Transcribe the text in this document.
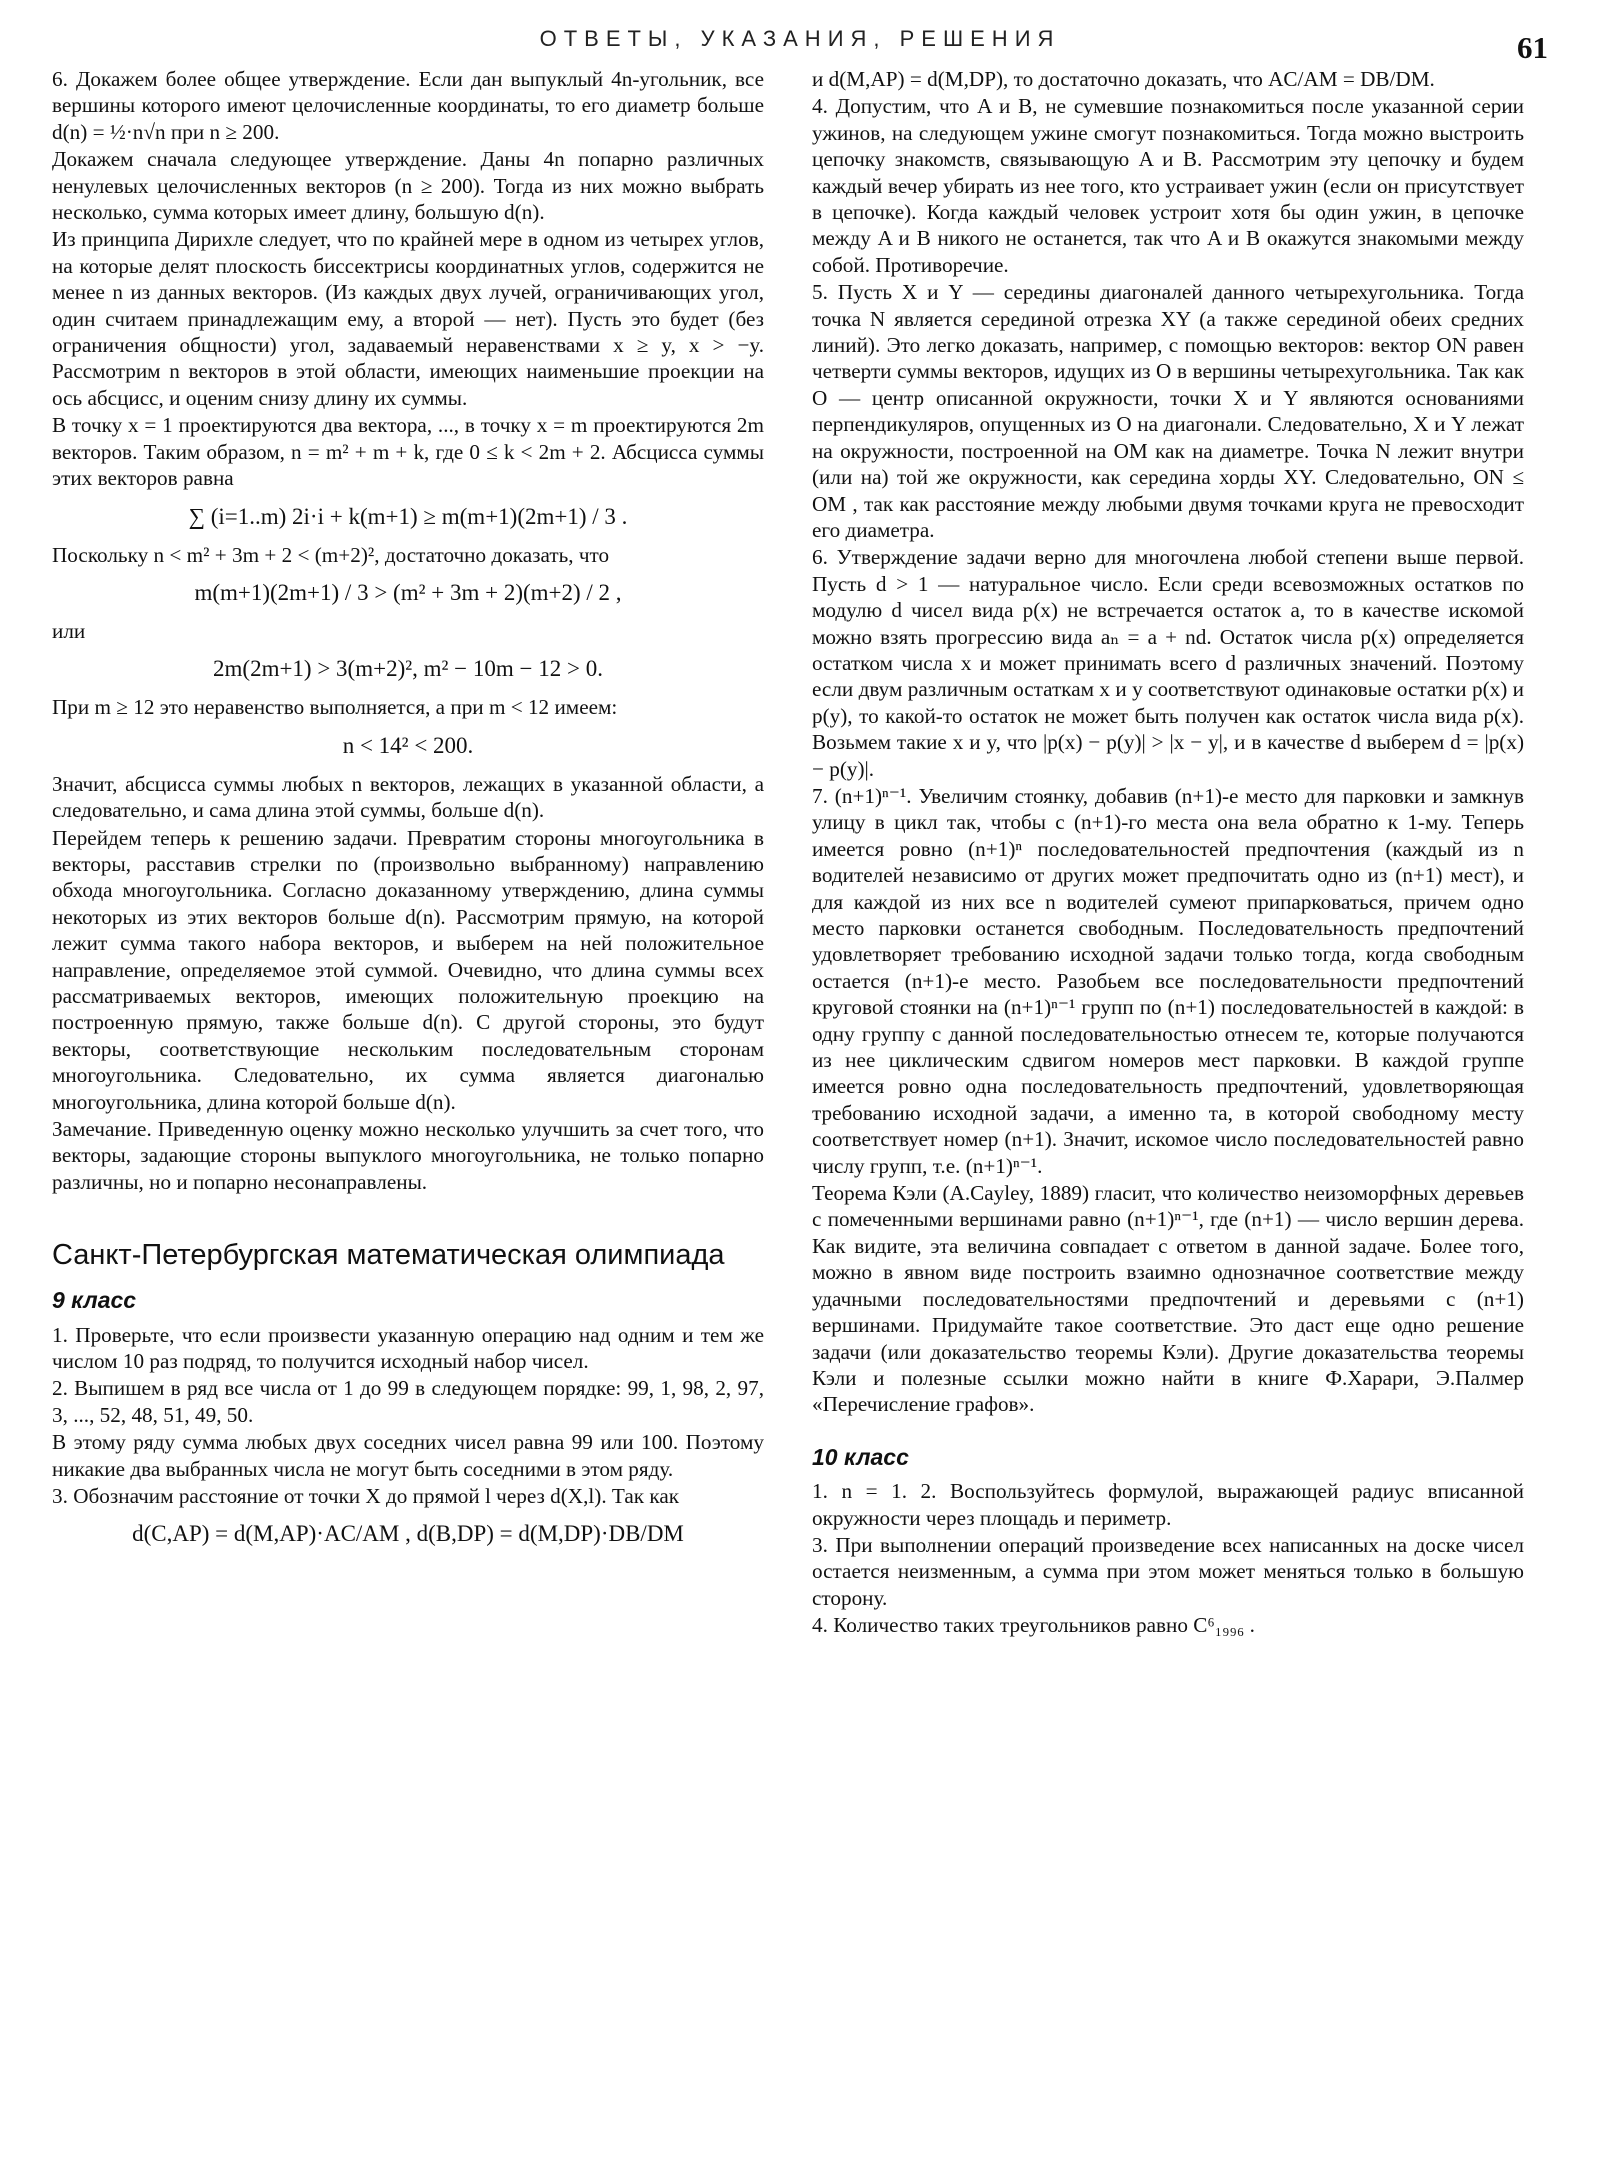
ОТВЕТЫ, УКАЗАНИЯ, РЕШЕНИЯ	61

6. Докажем более общее утверждение. Если дан выпуклый 4n-угольник, все вершины которого имеют целочисленные координаты, то его диаметр больше d(n) = ½·n√n при n ≥ 200.

Докажем сначала следующее утверждение. Даны 4n попарно различных ненулевых целочисленных векторов (n ≥ 200). Тогда из них можно выбрать несколько, сумма которых имеет длину, большую d(n).

Из принципа Дирихле следует, что по крайней мере в одном из четырех углов, на которые делят плоскость биссектрисы координатных углов, содержится не менее n из данных векторов. (Из каждых двух лучей, ограничивающих угол, один считаем принадлежащим ему, а второй — нет). Пусть это будет (без ограничения общности) угол, задаваемый неравенствами x ≥ y, x > −y. Рассмотрим n векторов в этой области, имеющих наименьшие проекции на ось абсцисс, и оценим снизу длину их суммы.

В точку x = 1 проектируются два вектора, ..., в точку x = m проектируются 2m векторов. Таким образом, n = m² + m + k, где 0 ≤ k < 2m + 2. Абсцисса суммы этих векторов равна

∑ (i=1..m) 2i·i + k(m+1) ≥ m(m+1)(2m+1) / 3 .

Поскольку n < m² + 3m + 2 < (m+2)², достаточно доказать, что

m(m+1)(2m+1) / 3 > (m² + 3m + 2)(m+2) / 2 ,

или

2m(2m+1) > 3(m+2)², m² − 10m − 12 > 0.

При m ≥ 12 это неравенство выполняется, а при m < 12 имеем:

n < 14² < 200.

Значит, абсцисса суммы любых n векторов, лежащих в указанной области, а следовательно, и сама длина этой суммы, больше d(n).

Перейдем теперь к решению задачи. Превратим стороны многоугольника в векторы, расставив стрелки по (произвольно выбранному) направлению обхода многоугольника. Согласно доказанному утверждению, длина суммы некоторых из этих векторов больше d(n). Рассмотрим прямую, на которой лежит сумма такого набора векторов, и выберем на ней положительное направление, определяемое этой суммой. Очевидно, что длина суммы всех рассматриваемых векторов, имеющих положительную проекцию на построенную прямую, также больше d(n). С другой стороны, это будут векторы, соответствующие нескольким последовательным сторонам многоугольника. Следовательно, их сумма является диагональю многоугольника, длина которой больше d(n).

Замечание. Приведенную оценку можно несколько улучшить за счет того, что векторы, задающие стороны выпуклого многоугольника, не только попарно различны, но и попарно несонаправлены.

Санкт-Петербургская математическая олимпиада
9 класс

1. Проверьте, что если произвести указанную операцию над одним и тем же числом 10 раз подряд, то получится исходный набор чисел.

2. Выпишем в ряд все числа от 1 до 99 в следующем порядке: 99, 1, 98, 2, 97, 3, ..., 52, 48, 51, 49, 50.

В этому ряду сумма любых двух соседних чисел равна 99 или 100. Поэтому никакие два выбранных числа не могут быть соседними в этом ряду.

3. Обозначим расстояние от точки X до прямой l через d(X,l). Так как

d(C,AP) = d(M,AP)·AC/AM , d(B,DP) = d(M,DP)·DB/DM

и d(M,AP) = d(M,DP), то достаточно доказать, что AC/AM = DB/DM.

4. Допустим, что A и B, не сумевшие познакомиться после указанной серии ужинов, на следующем ужине смогут познакомиться. Тогда можно выстроить цепочку знакомств, связывающую A и B. Рассмотрим эту цепочку и будем каждый вечер убирать из нее того, кто устраивает ужин (если он присутствует в цепочке). Когда каждый человек устроит хотя бы один ужин, в цепочке между A и B никого не останется, так что A и B окажутся знакомыми между собой. Противоречие.

5. Пусть X и Y — середины диагоналей данного четырехугольника. Тогда точка N является серединой отрезка XY (а также серединой обеих средних линий). Это легко доказать, например, с помощью векторов: вектор ON равен четверти суммы векторов, идущих из O в вершины четырехугольника. Так как O — центр описанной окружности, точки X и Y являются основаниями перпендикуляров, опущенных из O на диагонали. Следовательно, X и Y лежат на окружности, построенной на OM как на диаметре. Точка N лежит внутри (или на) той же окружности, как середина хорды XY. Следовательно, ON ≤ OM , так как расстояние между любыми двумя точками круга не превосходит его диаметра.

6. Утверждение задачи верно для многочлена любой степени выше первой. Пусть d > 1 — натуральное число. Если среди всевозможных остатков по модулю d чисел вида p(x) не встречается остаток a, то в качестве искомой можно взять прогрессию вида aₙ = a + nd. Остаток числа p(x) определяется остатком числа x и может принимать всего d различных значений. Поэтому если двум различным остаткам x и y соответствуют одинаковые остатки p(x) и p(y), то какой-то остаток не может быть получен как остаток числа вида p(x). Возьмем такие x и y, что |p(x) − p(y)| > |x − y|, и в качестве d выберем d = |p(x) − p(y)|.

7. (n+1)ⁿ⁻¹. Увеличим стоянку, добавив (n+1)-е место для парковки и замкнув улицу в цикл так, чтобы с (n+1)-го места она вела обратно к 1-му. Теперь имеется ровно (n+1)ⁿ последовательностей предпочтения (каждый из n водителей независимо от других может предпочитать одно из (n+1) мест), и для каждой из них все n водителей сумеют припарковаться, причем одно место парковки останется свободным. Последовательность предпочтений удовлетворяет требованию исходной задачи только тогда, когда свободным остается (n+1)-е место. Разобьем все последовательности предпочтений круговой стоянки на (n+1)ⁿ⁻¹ групп по (n+1) последовательностей в каждой: в одну группу с данной последовательностью отнесем те, которые получаются из нее циклическим сдвигом номеров мест парковки. В каждой группе имеется ровно одна последовательность предпочтений, удовлетворяющая требованию исходной задачи, а именно та, в которой свободному месту соответствует номер (n+1). Значит, искомое число последовательностей равно числу групп, т.е. (n+1)ⁿ⁻¹.

Теорема Кэли (A.Cayley, 1889) гласит, что количество неизоморфных деревьев с помеченными вершинами равно (n+1)ⁿ⁻¹, где (n+1) — число вершин дерева. Как видите, эта величина совпадает с ответом в данной задаче. Более того, можно в явном виде построить взаимно однозначное соответствие между удачными последовательностями предпочтений и деревьями с (n+1) вершинами. Придумайте такое соответствие. Это даст еще одно решение задачи (или доказательство теоремы Кэли). Другие доказательства теоремы Кэли и полезные ссылки можно найти в книге Ф.Харари, Э.Палмер «Перечисление графов».

10 класс

1. n = 1. 2. Воспользуйтесь формулой, выражающей радиус вписанной окружности через площадь и периметр.

3. При выполнении операций произведение всех написанных на доске чисел остается неизменным, а сумма при этом может меняться только в большую сторону.

4. Количество таких треугольников равно C⁶₁₉₉₆ .
